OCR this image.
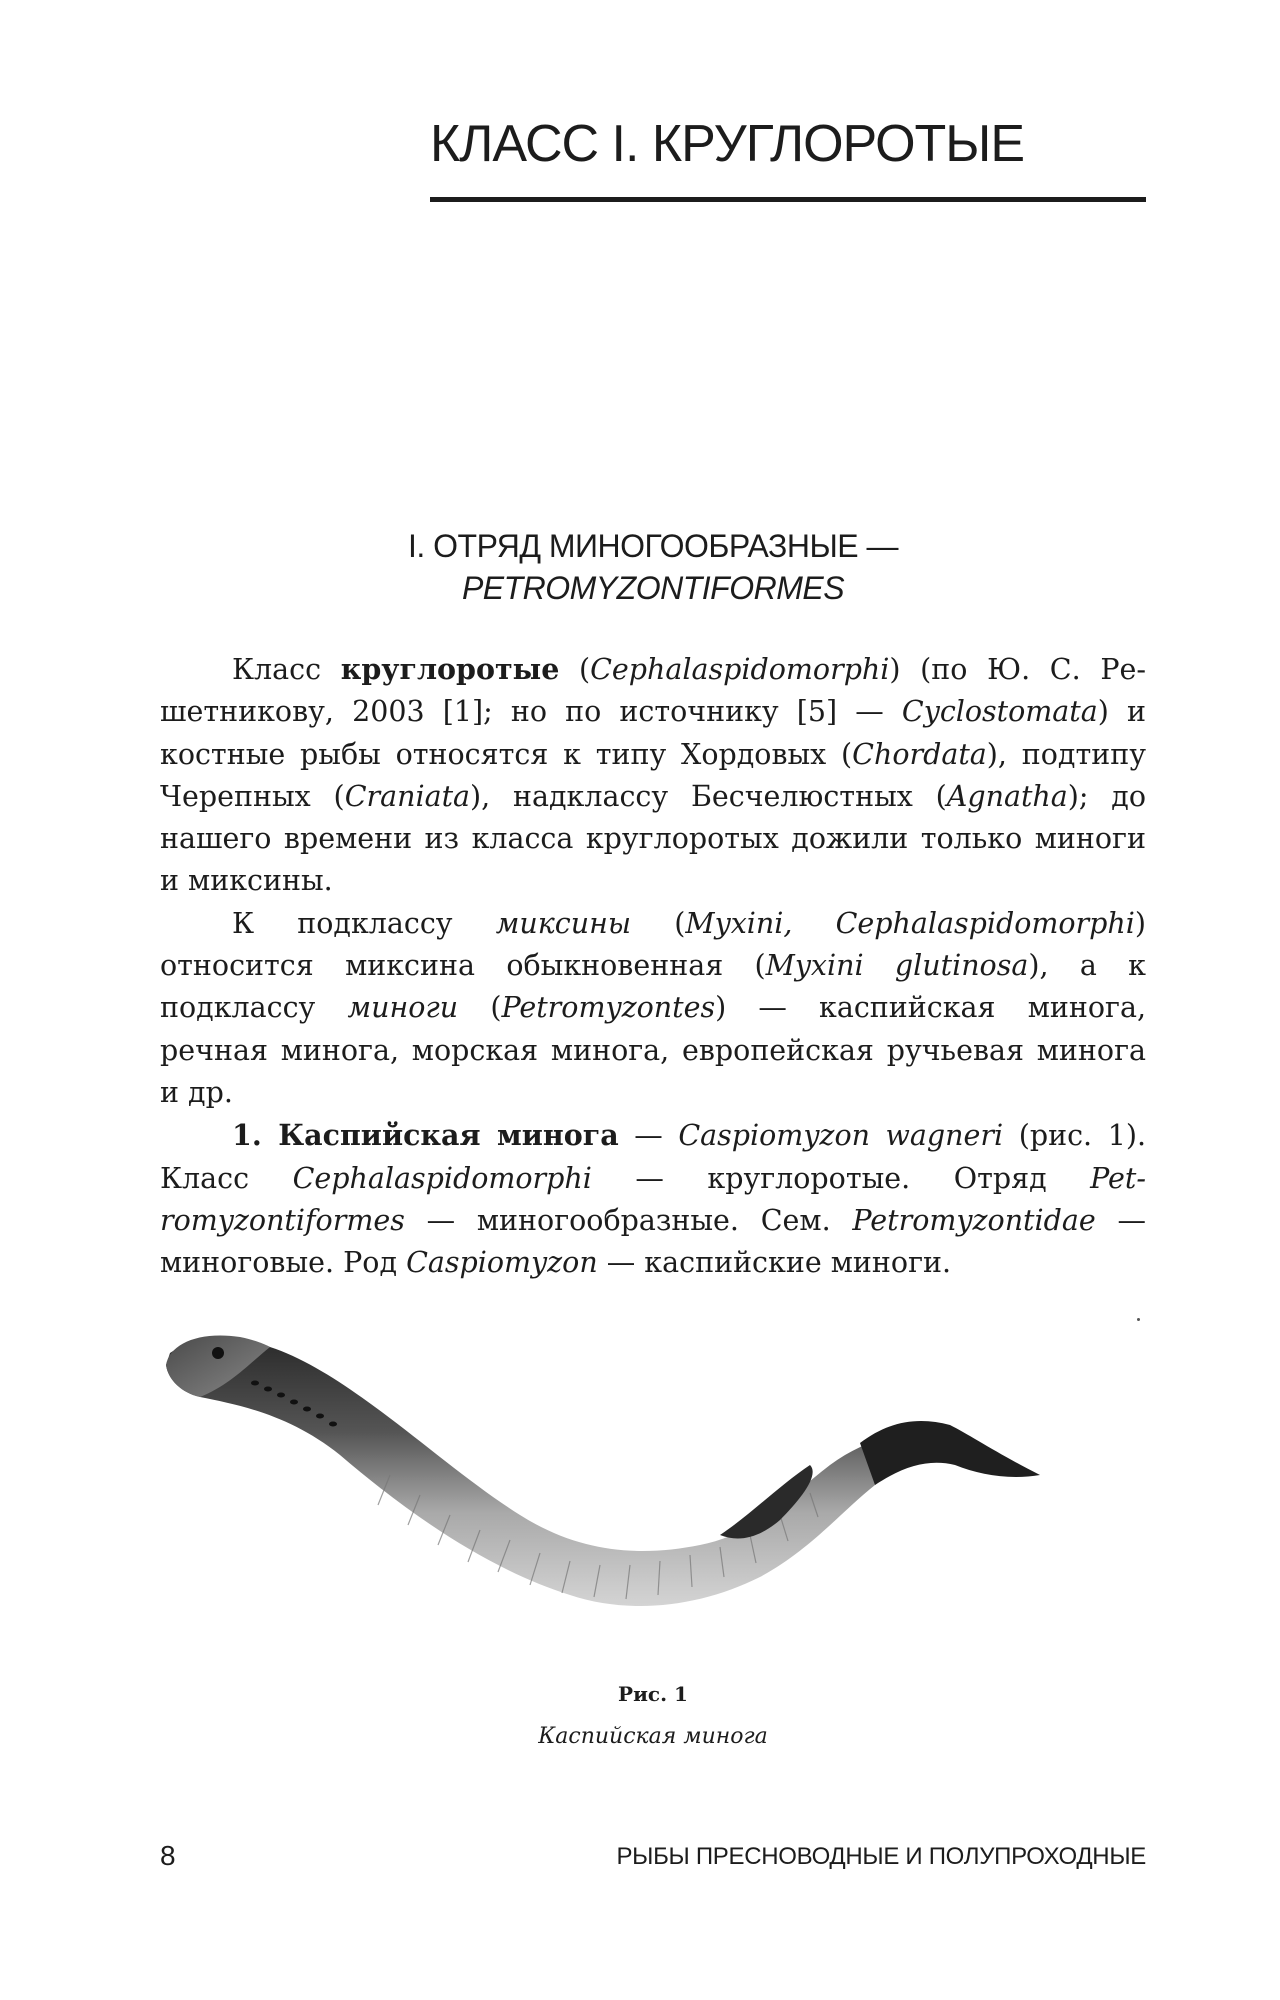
КЛАСС I. КРУГЛОРОТЫЕ
I. ОТРЯД МИНОГООБРАЗНЫЕ —
PETROMYZONTIFORMES

Класс круглоротые (Cephalaspidomorphi) (по Ю. С. Решетникову, 2003 [1]; но по источнику [5] — Cyclostomata) и костные рыбы относятся к типу Хордовых (Chordata), подтипу Черепных (Craniata), надклассу Бесчелюстных (Agnatha); до нашего времени из класса круглоротых дожили только миноги и миксины.

К подклассу миксины (Myxini, Cephalaspidomorphi) относится миксина обыкновенная (Myxini glutinosa), а к подклассу миноги (Petromyzontes) — каспийская минога, речная минога, морская минога, европейская ручьевая минога и др.

1. Каспийская минога — Caspiomyzon wagneri (рис. 1). Класс Cephalaspidomorphi — круглоротые. Отряд Petromyzontiformes — миногообразные. Сем. Petromyzontidae — миноговые. Род Caspiomyzon — каспийские миноги.

Рис. 1
Каспийская минога
8	РЫБЫ ПРЕСНОВОДНЫЕ И ПОЛУПРОХОДНЫЕ
